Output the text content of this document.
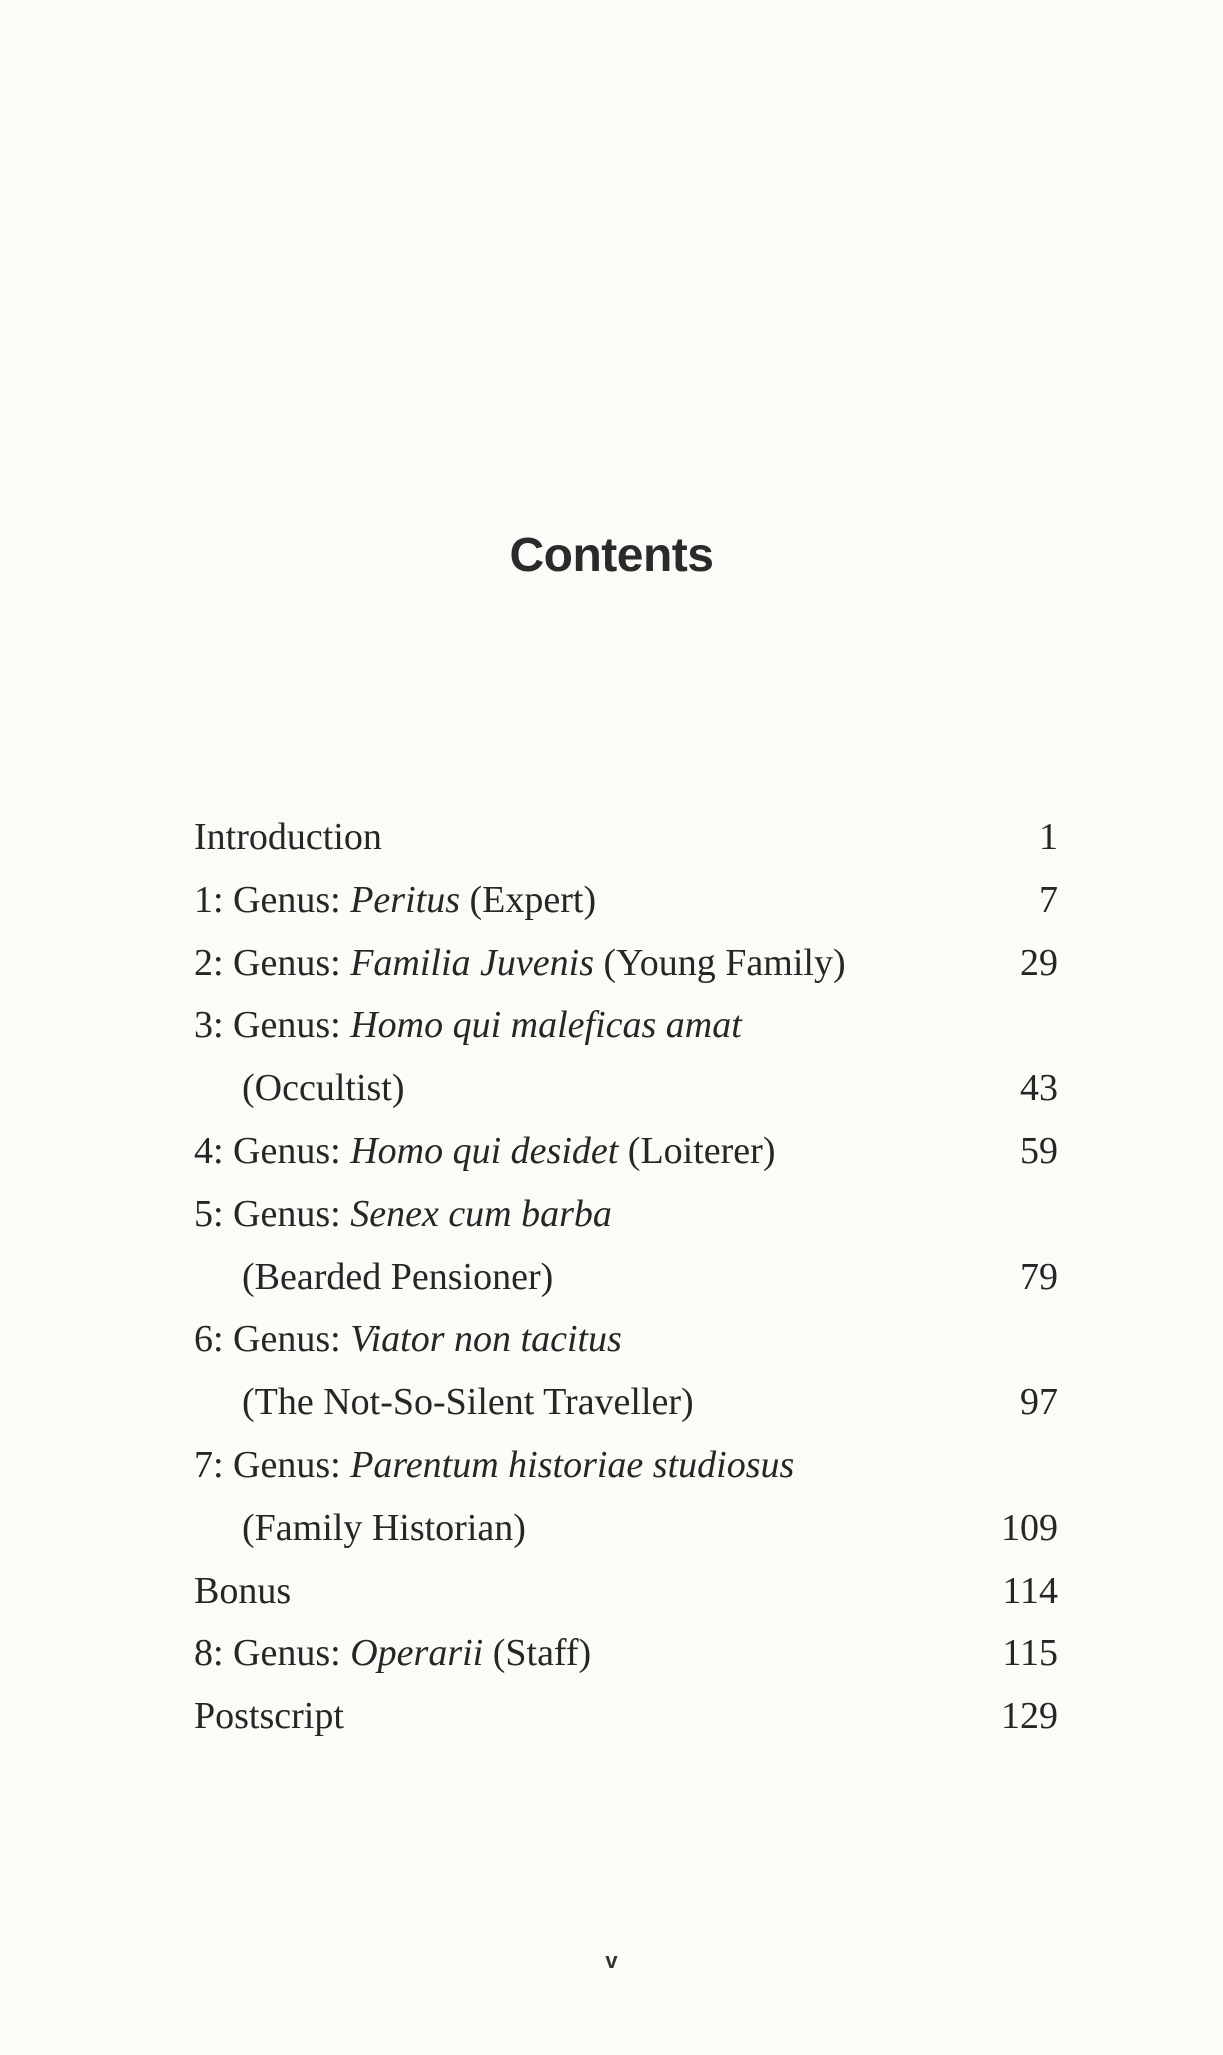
Contents
Introduction	1
1: Genus: Peritus (Expert)	7
2: Genus: Familia Juvenis (Young Family)	29
3: Genus: Homo qui maleficas amat
(Occultist)	43
4: Genus: Homo qui desidet (Loiterer)	59
5: Genus: Senex cum barba
(Bearded Pensioner)	79
6: Genus: Viator non tacitus
(The Not-So-Silent Traveller)	97
7: Genus: Parentum historiae studiosus
(Family Historian)	109
Bonus	114
8: Genus: Operarii (Staff)	115
Postscript	129
v
